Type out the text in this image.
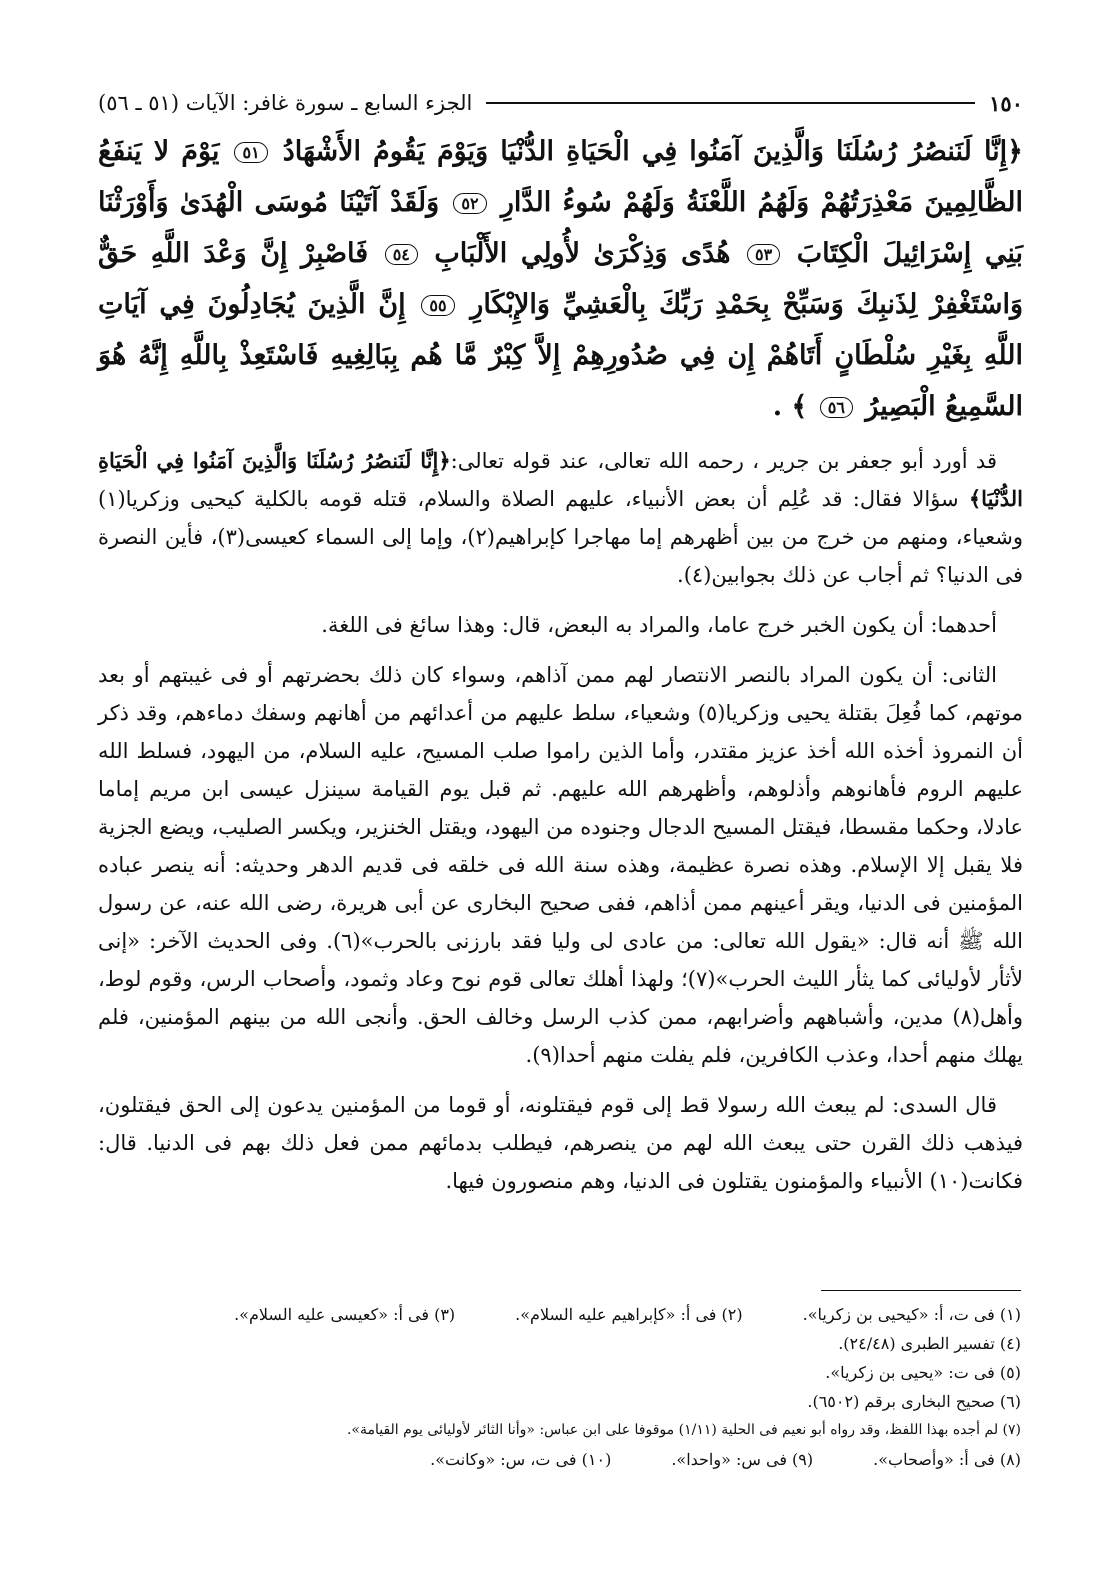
١٥٠
الجزء السابع ـ سورة غافر: الآيات (٥١ ـ ٥٦)
﴿إِنَّا لَنَنصُرُ رُسُلَنَا وَالَّذِينَ آمَنُوا فِي الْحَيَاةِ الدُّنْيَا وَيَوْمَ يَقُومُ الأَشْهَادُ ٥١ يَوْمَ لا يَنفَعُ الظَّالِمِينَ مَعْذِرَتُهُمْ وَلَهُمُ اللَّعْنَةُ وَلَهُمْ سُوءُ الدَّارِ ٥٢ وَلَقَدْ آتَيْنَا مُوسَى الْهُدَىٰ وَأَوْرَثْنَا بَنِي إِسْرَائِيلَ الْكِتَابَ ٥٣ هُدًى وَذِكْرَىٰ لأُولِي الأَلْبَابِ ٥٤ فَاصْبِرْ إِنَّ وَعْدَ اللَّهِ حَقٌّ وَاسْتَغْفِرْ لِذَنبِكَ وَسَبِّحْ بِحَمْدِ رَبِّكَ بِالْعَشِيِّ وَالإِبْكَارِ ٥٥ إِنَّ الَّذِينَ يُجَادِلُونَ فِي آيَاتِ اللَّهِ بِغَيْرِ سُلْطَانٍ أَتَاهُمْ إِن فِي صُدُورِهِمْ إِلاَّ كِبْرٌ مَّا هُم بِبَالِغِيهِ فَاسْتَعِذْ بِاللَّهِ إِنَّهُ هُوَ السَّمِيعُ الْبَصِيرُ ٥٦ ﴾ .

قد أورد أبو جعفر بن جرير ، رحمه الله تعالى، عند قوله تعالى:﴿إِنَّا لَنَنصُرُ رُسُلَنَا وَالَّذِينَ آمَنُوا فِي الْحَيَاةِ الدُّنْيَا﴾ سؤالا فقال: قد عُلِم أن بعض الأنبياء، عليهم الصلاة والسلام، قتله قومه بالكلية كيحيى وزكريا(١) وشعياء، ومنهم من خرج من بين أظهرهم إما مهاجرا كإبراهيم(٢)، وإما إلى السماء كعيسى(٣)، فأين النصرة فى الدنيا؟ ثم أجاب عن ذلك بجوابين(٤).

أحدهما: أن يكون الخبر خرج عاما، والمراد به البعض، قال: وهذا سائغ فى اللغة.

الثانى: أن يكون المراد بالنصر الانتصار لهم ممن آذاهم، وسواء كان ذلك بحضرتهم أو فى غيبتهم أو بعد موتهم، كما فُعِلَ بقتلة يحيى وزكريا(٥) وشعياء، سلط عليهم من أعدائهم من أهانهم وسفك دماءهم، وقد ذكر أن النمروذ أخذه الله أخذ عزيز مقتدر، وأما الذين راموا صلب المسيح، عليه السلام، من اليهود، فسلط الله عليهم الروم فأهانوهم وأذلوهم، وأظهرهم الله عليهم. ثم قبل يوم القيامة سينزل عيسى ابن مريم إماما عادلا، وحكما مقسطا، فيقتل المسيح الدجال وجنوده من اليهود، ويقتل الخنزير، ويكسر الصليب، ويضع الجزية فلا يقبل إلا الإسلام. وهذه نصرة عظيمة، وهذه سنة الله فى خلقه فى قديم الدهر وحديثه: أنه ينصر عباده المؤمنين فى الدنيا، ويقر أعينهم ممن أذاهم، ففى صحيح البخارى عن أبى هريرة، رضى الله عنه، عن رسول الله ﷺ أنه قال: «يقول الله تعالى: من عادى لى وليا فقد بارزنى بالحرب»(٦). وفى الحديث الآخر: «إنى لأثأر لأوليائى كما يثأر الليث الحرب»(٧)؛ ولهذا أهلك تعالى قوم نوح وعاد وثمود، وأصحاب الرس، وقوم لوط، وأهل(٨) مدين، وأشباههم وأضرابهم، ممن كذب الرسل وخالف الحق. وأنجى الله من بينهم المؤمنين، فلم يهلك منهم أحدا، وعذب الكافرين، فلم يفلت منهم أحدا(٩).

قال السدى: لم يبعث الله رسولا قط إلى قوم فيقتلونه، أو قوما من المؤمنين يدعون إلى الحق فيقتلون، فيذهب ذلك القرن حتى يبعث الله لهم من ينصرهم، فيطلب بدمائهم ممن فعل ذلك بهم فى الدنيا. قال: فكانت(١٠) الأنبياء والمؤمنون يقتلون فى الدنيا، وهم منصورون فيها.

(١) فى ت، أ: «كيحيى بن زكريا».
(٢) فى أ: «كإبراهيم عليه السلام».
(٣) فى أ: «كعيسى عليه السلام».
(٤) تفسير الطبرى (٢٤/٤٨).
(٥) فى ت: «يحيى بن زكريا».
(٦) صحيح البخارى برقم (٦٥٠٢).
(٧) لم أجده بهذا اللفظ، وقد رواه أبو نعيم فى الحلية (١/١١) موقوفا على ابن عباس: «وأنا الثائر لأوليائى يوم القيامة».
(٨) فى أ: «وأصحاب».
(٩) فى س: «واحدا».
(١٠) فى ت، س: «وكانت».
